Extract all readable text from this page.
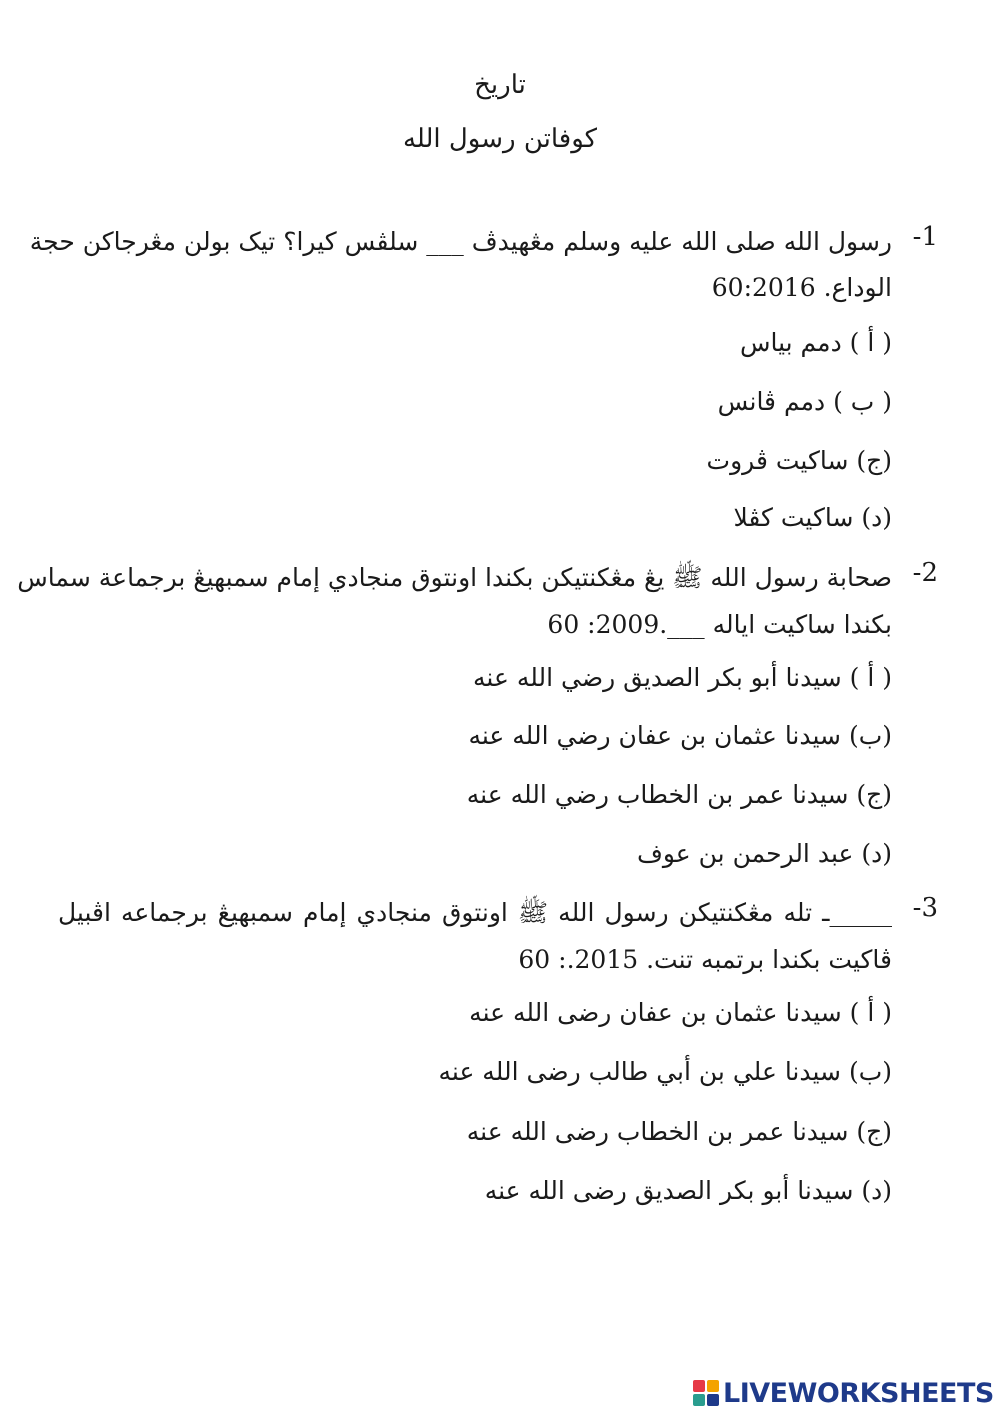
تاريخ
كوفاتن رسول الله
-1
رسول الله صلى الله عليه وسلم مڠهيدڤ ___ سلڤس كيرا؟ تيک بولن مڠرجاکن حجة
الوداع. 60:2016
( أ ) دمم بياس
( ب ) دمم ڤانس
(ج) ساکيت ڤروت
(د) ساكيت كڤلا
-2
صحابة رسول الله ﷺ يڠ مڠکنتيکن بکندا اونتوق منجادي إمام سمبهيڠ برجماعة سماس
بکندا ساکيت اياله ___.2009: 60
( أ ) سيدنا أبو بکر الصديق رضي الله عنه
(ب) سيدنا عثمان بن عفان رضي الله عنه
(ج) سيدنا عمر بن الخطاب رضي الله عنه
(د) عبد الرحمن بن عوف
-3
_____ـ تله مڠکنتيکن رسول الله ﷺ اونتوق منجادي إمام سمبهيڠ برجماعه اڤبيل
ڤاکيت بکندا برتمبه تنت. 2015.: 60
( أ ) سيدنا عثمان بن عفان رضى الله عنه
(ب) سيدنا علي بن أبي طالب رضى الله عنه
(ج) سيدنا عمر بن الخطاب رضى الله عنه
(د) سيدنا أبو بکر الصديق رضى الله عنه
LIVEWORKSHEETS
